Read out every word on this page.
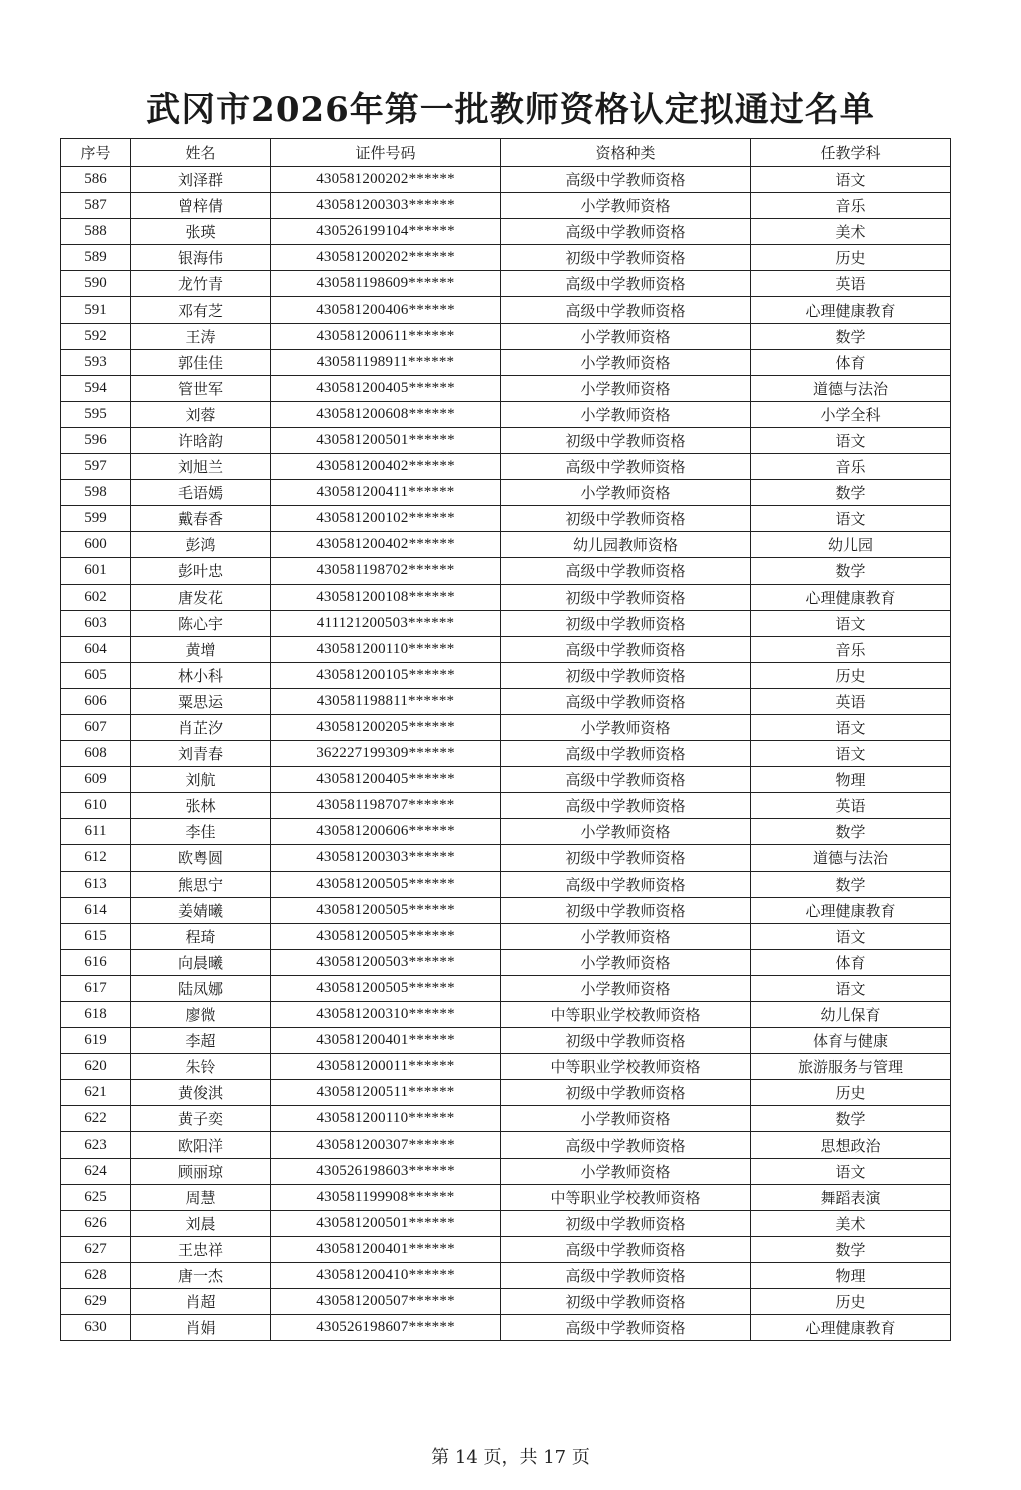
武冈市2026年第一批教师资格认定拟通过名单
序号	姓名	证件号码	资格种类	任教学科
586	刘泽群	430581200202******	高级中学教师资格	语文
587	曾梓倩	430581200303******	小学教师资格	音乐
588	张瑛	430526199104******	高级中学教师资格	美术
589	银海伟	430581200202******	初级中学教师资格	历史
590	龙竹青	430581198609******	高级中学教师资格	英语
591	邓有芝	430581200406******	高级中学教师资格	心理健康教育
592	王涛	430581200611******	小学教师资格	数学
593	郭佳佳	430581198911******	小学教师资格	体育
594	管世军	430581200405******	小学教师资格	道德与法治
595	刘蓉	430581200608******	小学教师资格	小学全科
596	许晗韵	430581200501******	初级中学教师资格	语文
597	刘旭兰	430581200402******	高级中学教师资格	音乐
598	毛语嫣	430581200411******	小学教师资格	数学
599	戴春香	430581200102******	初级中学教师资格	语文
600	彭鸿	430581200402******	幼儿园教师资格	幼儿园
601	彭叶忠	430581198702******	高级中学教师资格	数学
602	唐发花	430581200108******	初级中学教师资格	心理健康教育
603	陈心宇	411121200503******	初级中学教师资格	语文
604	黄增	430581200110******	高级中学教师资格	音乐
605	林小科	430581200105******	初级中学教师资格	历史
606	粟思运	430581198811******	高级中学教师资格	英语
607	肖芷汐	430581200205******	小学教师资格	语文
608	刘青春	362227199309******	高级中学教师资格	语文
609	刘航	430581200405******	高级中学教师资格	物理
610	张林	430581198707******	高级中学教师资格	英语
611	李佳	430581200606******	小学教师资格	数学
612	欧粤圆	430581200303******	初级中学教师资格	道德与法治
613	熊思宁	430581200505******	高级中学教师资格	数学
614	姜婧曦	430581200505******	初级中学教师资格	心理健康教育
615	程琦	430581200505******	小学教师资格	语文
616	向晨曦	430581200503******	小学教师资格	体育
617	陆凤娜	430581200505******	小学教师资格	语文
618	廖微	430581200310******	中等职业学校教师资格	幼儿保育
619	李超	430581200401******	初级中学教师资格	体育与健康
620	朱铃	430581200011******	中等职业学校教师资格	旅游服务与管理
621	黄俊淇	430581200511******	初级中学教师资格	历史
622	黄子奕	430581200110******	小学教师资格	数学
623	欧阳洋	430581200307******	高级中学教师资格	思想政治
624	顾丽琼	430526198603******	小学教师资格	语文
625	周慧	430581199908******	中等职业学校教师资格	舞蹈表演
626	刘晨	430581200501******	初级中学教师资格	美术
627	王忠祥	430581200401******	高级中学教师资格	数学
628	唐一杰	430581200410******	高级中学教师资格	物理
629	肖超	430581200507******	初级中学教师资格	历史
630	肖娟	430526198607******	高级中学教师资格	心理健康教育
第 14 页，共 17 页
